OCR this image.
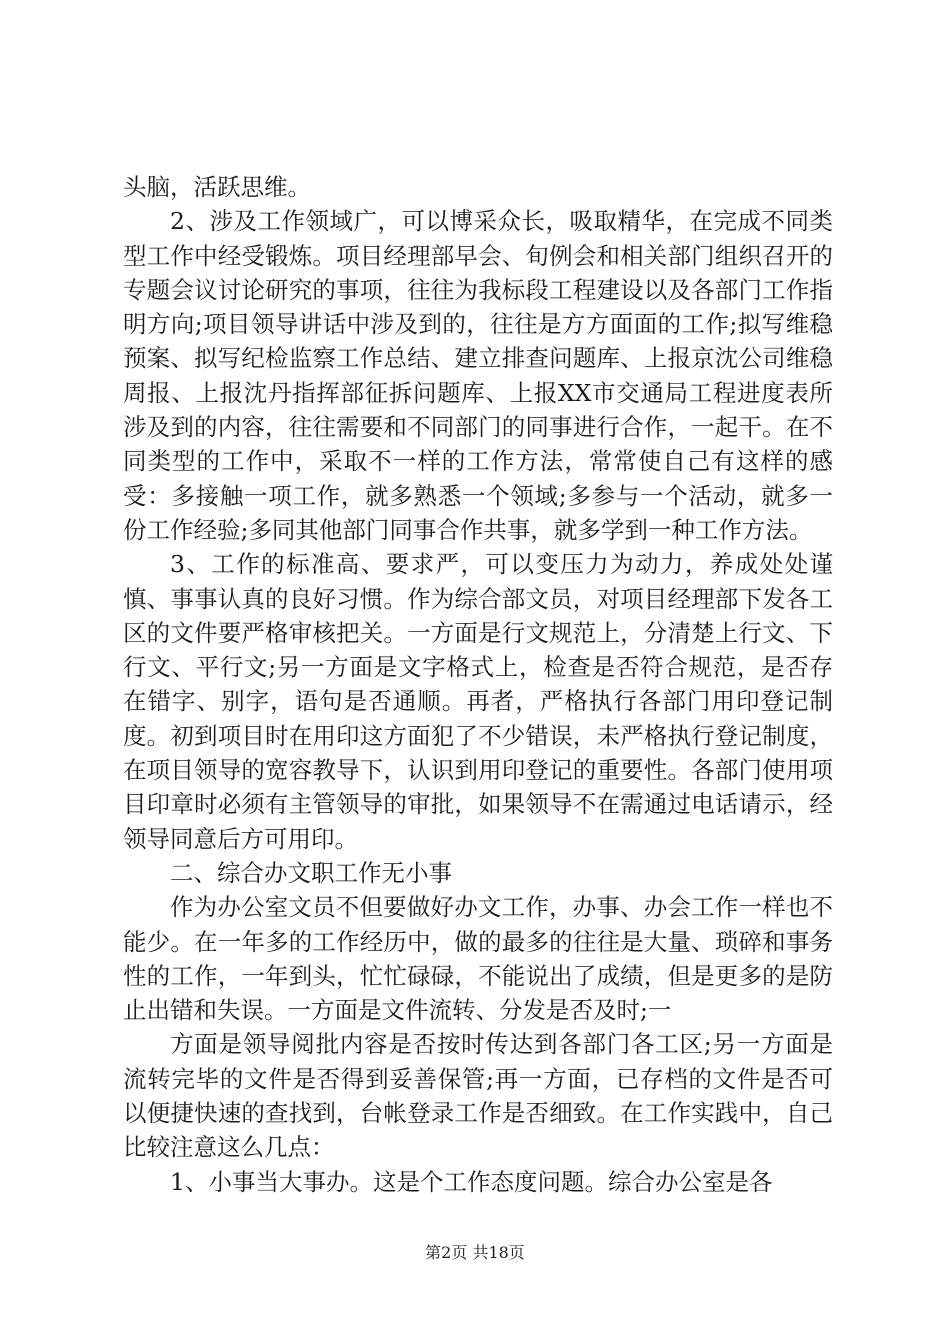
头脑，活跃思维。

2、涉及工作领域广，可以博采众长，吸取精华，在完成不同类型工作中经受锻炼。项目经理部早会、旬例会和相关部门组织召开的专题会议讨论研究的事项，往往为我标段工程建设以及各部门工作指明方向;项目领导讲话中涉及到的，往往是方方面面的工作;拟写维稳预案、拟写纪检监察工作总结、建立排查问题库、上报京沈公司维稳周报、上报沈丹指挥部征拆问题库、上报XX市交通局工程进度表所涉及到的内容，往往需要和不同部门的同事进行合作，一起干。在不同类型的工作中，采取不一样的工作方法，常常使自己有这样的感受：多接触一项工作，就多熟悉一个领域;多参与一个活动，就多一份工作经验;多同其他部门同事合作共事，就多学到一种工作方法。

3、工作的标准高、要求严，可以变压力为动力，养成处处谨慎、事事认真的良好习惯。作为综合部文员，对项目经理部下发各工区的文件要严格审核把关。一方面是行文规范上，分清楚上行文、下行文、平行文;另一方面是文字格式上，检查是否符合规范，是否存在错字、别字，语句是否通顺。再者，严格执行各部门用印登记制度。初到项目时在用印这方面犯了不少错误，未严格执行登记制度，在项目领导的宽容教导下，认识到用印登记的重要性。各部门使用项目印章时必须有主管领导的审批，如果领导不在需通过电话请示，经领导同意后方可用印。

二、综合办文职工作无小事

作为办公室文员不但要做好办文工作，办事、办会工作一样也不能少。在一年多的工作经历中，做的最多的往往是大量、琐碎和事务性的工作，一年到头，忙忙碌碌，不能说出了成绩，但是更多的是防止出错和失误。一方面是文件流转、分发是否及时;一

方面是领导阅批内容是否按时传达到各部门各工区;另一方面是流转完毕的文件是否得到妥善保管;再一方面，已存档的文件是否可以便捷快速的查找到，台帐登录工作是否细致。在工作实践中，自己比较注意这么几点：

1、小事当大事办。这是个工作态度问题。综合办公室是各

第2页 共18页
